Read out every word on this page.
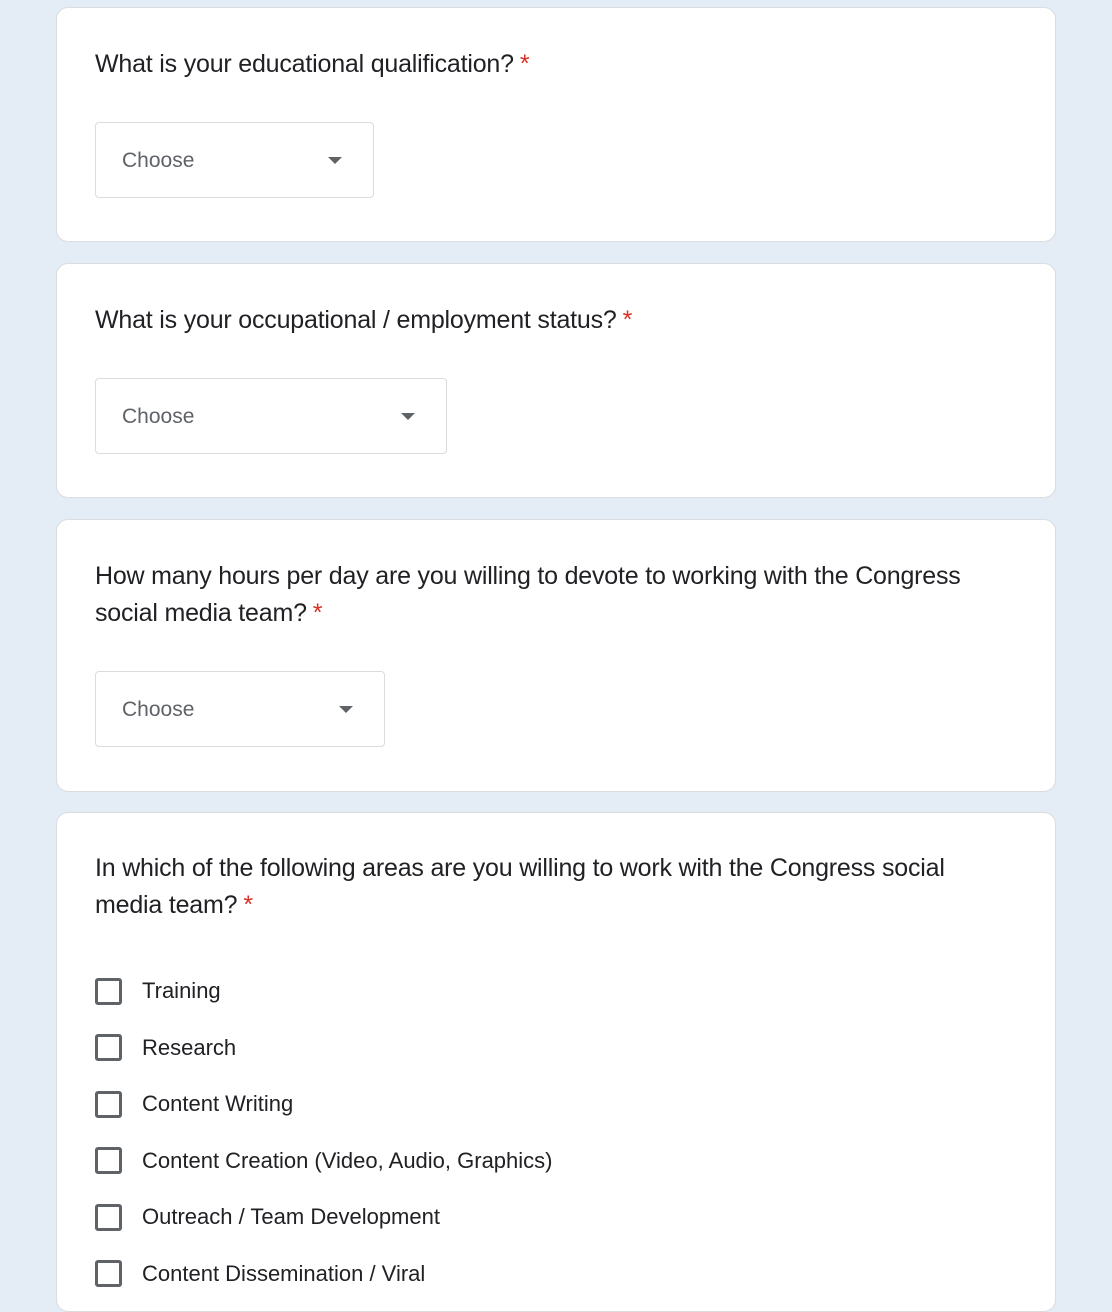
What is your educational qualification? *
Choose
What is your occupational / employment status? *
Choose
How many hours per day are you willing to devote to working with the Congress social media team? *
Choose
In which of the following areas are you willing to work with the Congress social media team? *
Training
Research
Content Writing
Content Creation (Video, Audio, Graphics)
Outreach / Team Development
Content Dissemination / Viral
